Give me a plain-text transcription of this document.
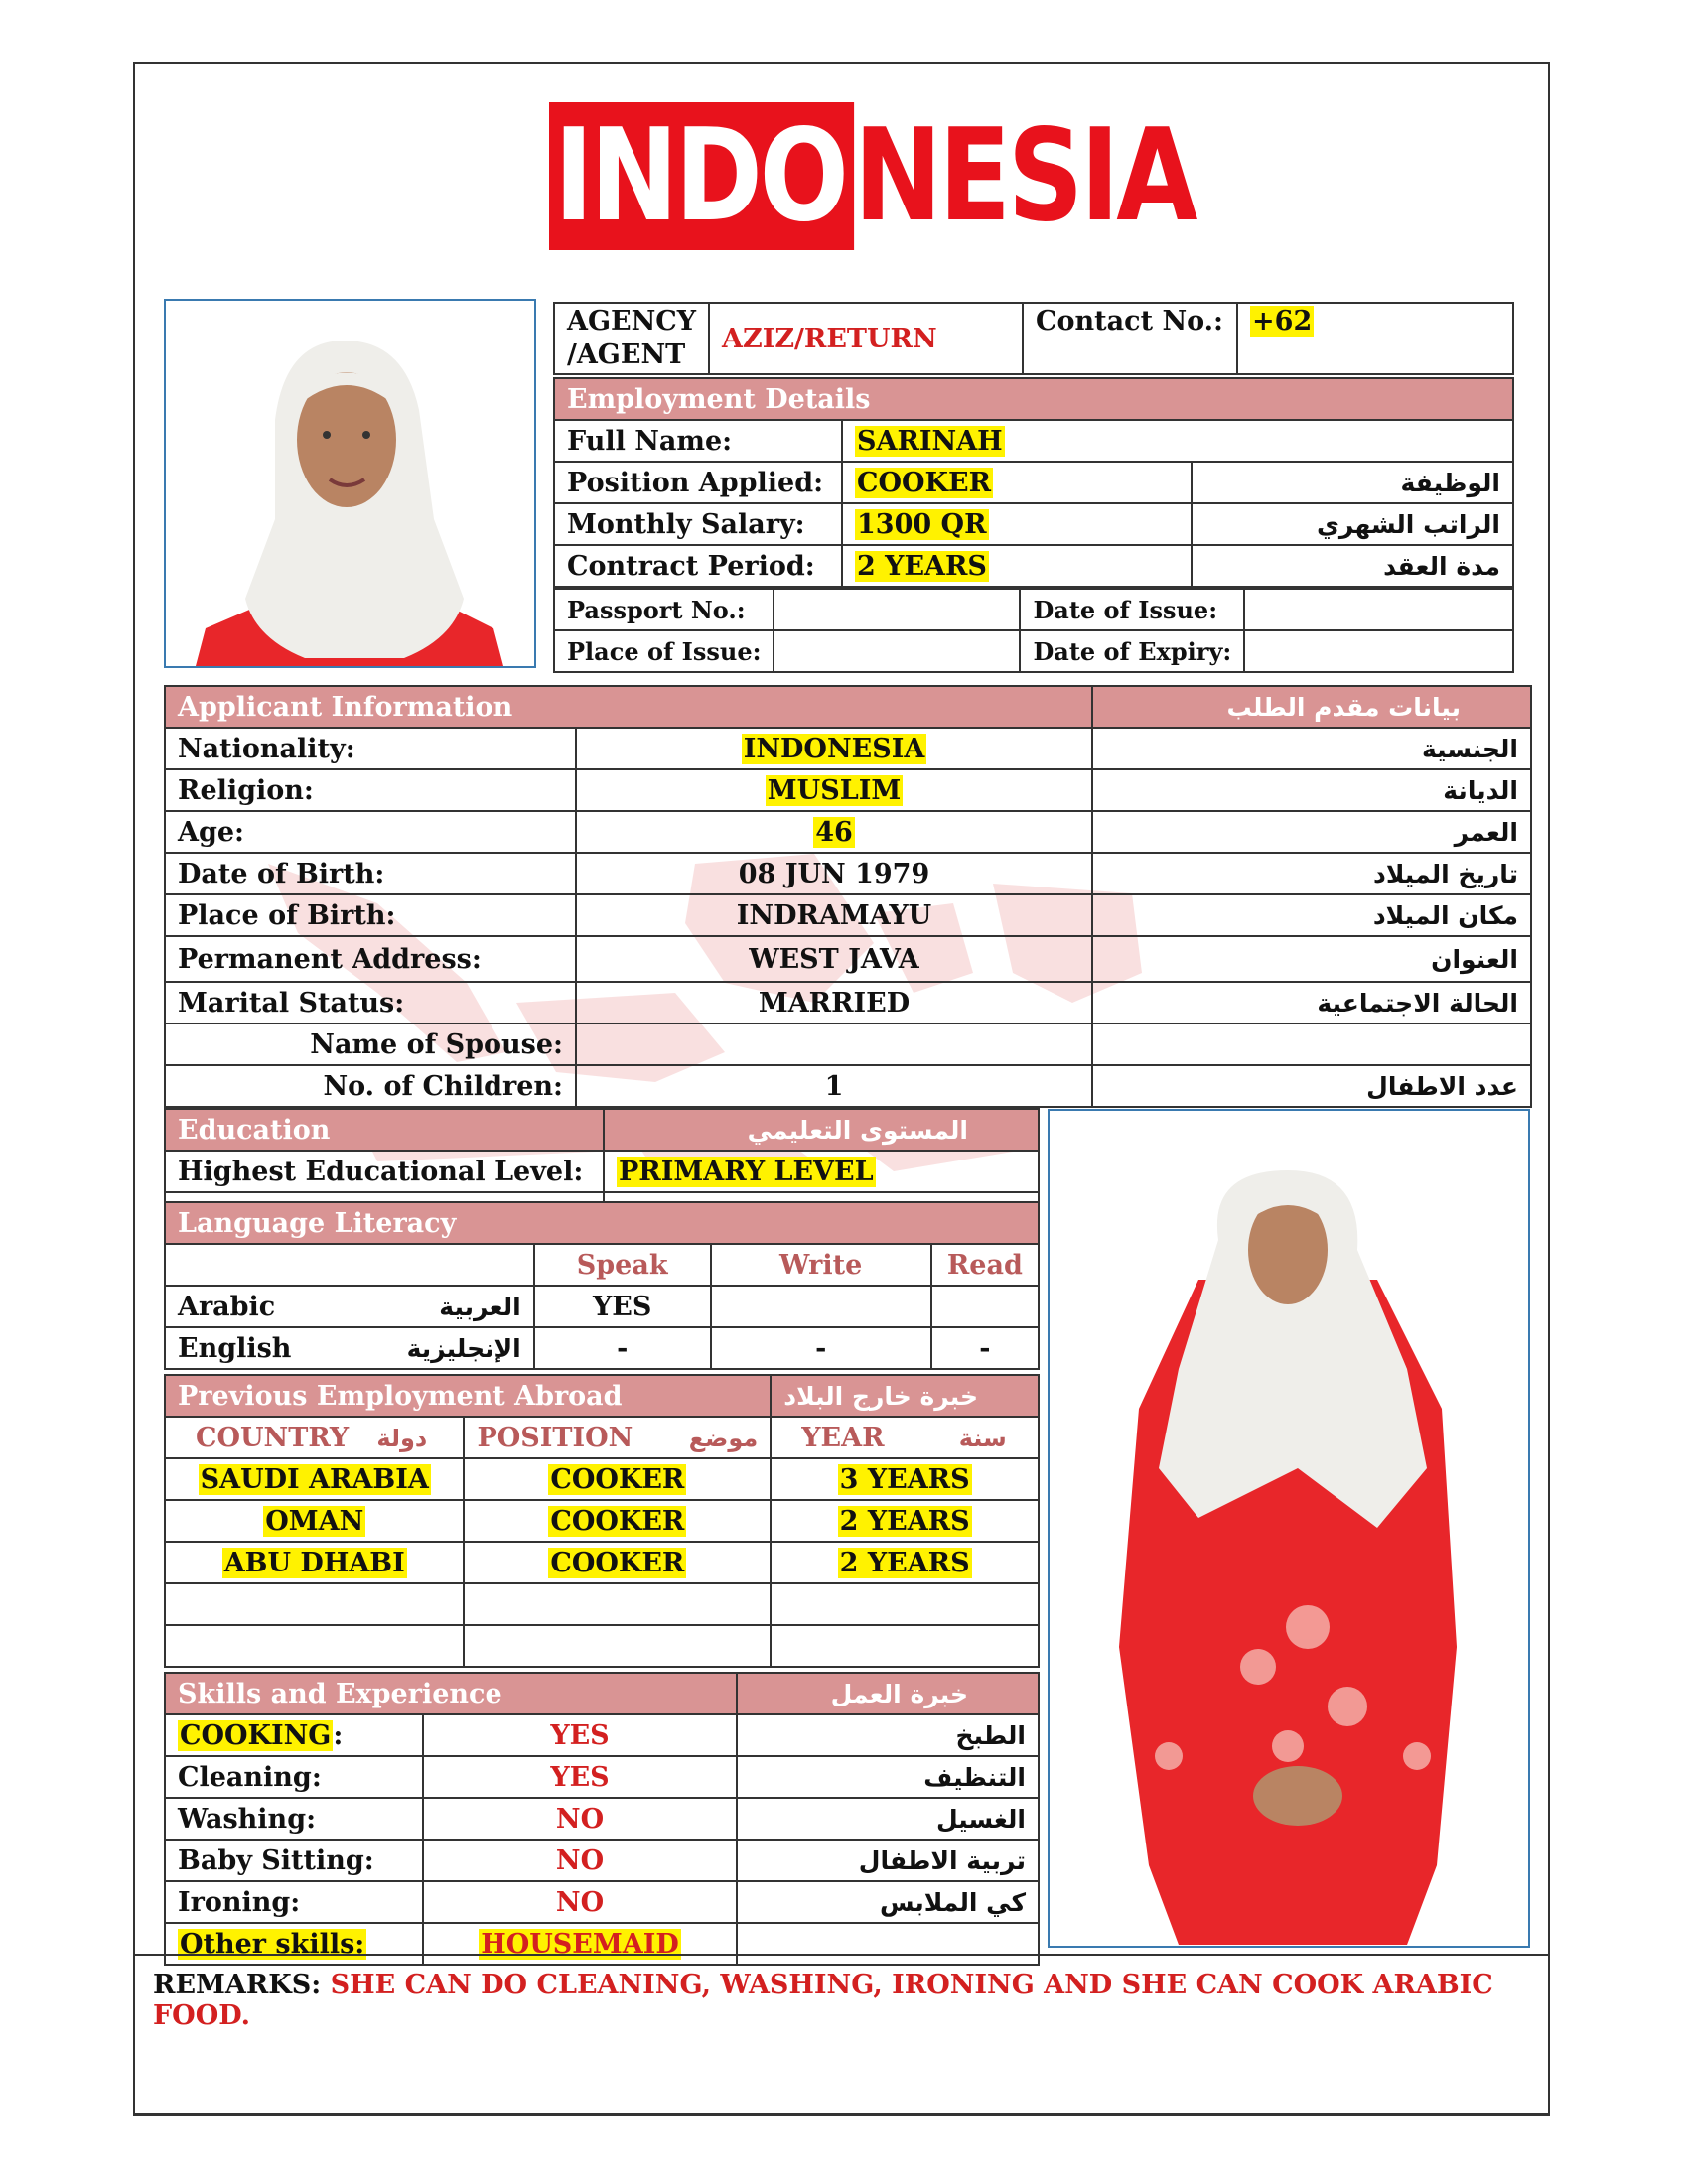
INDONESIA
AGENCY
/AGENT	AZIZ/RETURN	Contact No.:	+62
Employment Details		
Full Name:	SARINAH	
Position Applied:	COOKER	الوظيفة
Monthly Salary:	1300 QR	الراتب الشهري
Contract Period:	2 YEARS	مدة العقد
Passport No.:		Date of Issue:	
Place of Issue:		Date of Expiry:	
Applicant Information		بيانات مقدم الطلب
Nationality:	INDONESIA	الجنسية
Religion:	MUSLIM	الديانة
Age:	46	العمر
Date of Birth:	08 JUN 1979	تاريخ الميلاد
Place of Birth:	INDRAMAYU	مكان الميلاد
Permanent Address:	WEST JAVA	العنوان
Marital Status:	MARRIED	الحالة الاجتماعية
Name of Spouse:		
No. of Children:	1	عدد الاطفال
Education	المستوى التعليمي
Highest Educational Level:	PRIMARY LEVEL

Language Literacy				
		Speak	Write	Read
Arabic	العربية	YES		
English	الإنجليزية	-	-	-
Previous Employment Abroad		خبرة خارج البلاد
COUNTRY دولة	POSITION موضع	YEAR سنة
SAUDI ARABIA	COOKER	3 YEARS
OMAN	COOKER	2 YEARS
ABU DHABI	COOKER	2 YEARS

Skills and Experience		خبرة العمل
COOKING:	YES	الطبخ
Cleaning:	YES	التنظيف
Washing:	NO	الغسيل
Baby Sitting:	NO	تربية الاطفال
Ironing:	NO	كي الملابس
Other skills:	HOUSEMAID	
REMARKS: SHE CAN DO CLEANING, WASHING, IRONING AND SHE CAN COOK ARABIC FOOD.
